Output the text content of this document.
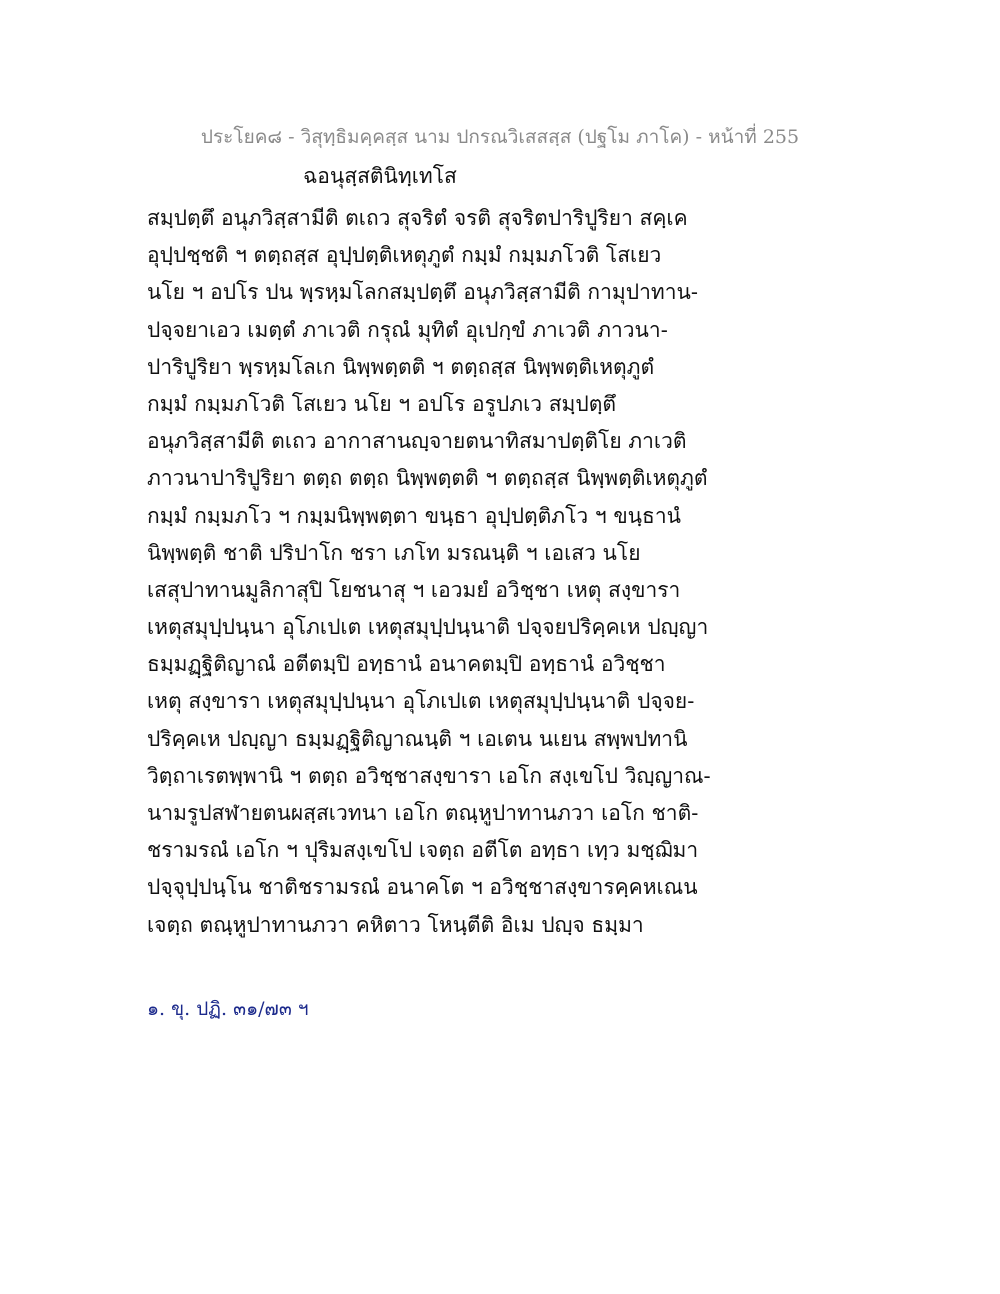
ประโยค๘ - วิสุทฺธิมคฺคสฺส นาม ปกรณวิเสสสฺส (ปฐโม ภาโค) - หน้าที่ 255
ฉอนุสฺสตินิทฺเทโส
สมฺปตฺตึ อนุภวิสฺสามีติ ตเถว สุจริตํ จรติ สุจริตปาริปูริยา สคฺเค
อุปฺปชฺชติ ฯ ตตฺถสฺส อุปฺปตฺติเหตุภูตํ กมฺมํ กมฺมภโวติ โสเยว
นโย ฯ อปโร ปน พฺรหฺมโลกสมฺปตฺตึ อนุภวิสฺสามีติ กามุปาทาน-
ปจฺจยาเอว เมตฺตํ ภาเวติ กรุณํ มุทิตํ อุเปกฺขํ ภาเวติ ภาวนา-
ปาริปูริยา พฺรหฺมโลเก นิพฺพตฺตติ ฯ ตตฺถสฺส นิพฺพตฺติเหตุภูตํ
กมฺมํ กมฺมภโวติ โสเยว นโย ฯ อปโร อรูปภเว สมฺปตฺตึ
อนุภวิสฺสามีติ ตเถว อากาสานญฺจายตนาทิสมาปตฺติโย ภาเวติ
ภาวนาปาริปูริยา ตตฺถ ตตฺถ นิพฺพตฺตติ ฯ ตตฺถสฺส นิพฺพตฺติเหตุภูตํ
กมฺมํ กมฺมภโว ฯ กมฺมนิพฺพตฺตา ขนฺธา อุปฺปตฺติภโว ฯ ขนฺธานํ
นิพฺพตฺติ ชาติ ปริปาโก ชรา เภโท มรณนฺติ ฯ เอเสว นโย
เสสุปาทานมูลิกาสุปิ โยชนาสุ ฯ เอวมยํ อวิชฺชา เหตุ สงฺขารา
เหตุสมุปฺปนฺนา อุโภเปเต เหตุสมุปฺปนฺนาติ ปจฺจยปริคฺคเห ปญฺญา
ธมฺมฏฺฐิติญาณํ อตีตมฺปิ อทฺธานํ อนาคตมฺปิ อทฺธานํ อวิชฺชา
เหตุ สงฺขารา เหตุสมุปฺปนฺนา อุโภเปเต เหตุสมุปฺปนฺนาติ ปจฺจย-
ปริคฺคเห ปญฺญา ธมฺมฏฺฐิติญาณนฺติ ฯ เอเตน นเยน สพฺพปทานิ
วิตฺถาเรตพฺพานิ ฯ ตตฺถ อวิชฺชาสงฺขารา เอโก สงฺเขโป วิญฺญาณ-
นามรูปสฬายตนผสฺสเวทนา เอโก ตณฺหูปาทานภวา เอโก ชาติ-
ชรามรณํ เอโก ฯ ปุริมสงฺเขโป เจตฺถ อตีโต อทฺธา เทฺว มชฺฌิมา
ปจฺจุปฺปนฺโน ชาติชรามรณํ อนาคโต ฯ อวิชฺชาสงฺขารคฺคหเณน
เจตฺถ ตณฺหูปาทานภวา คหิตาว โหนฺตีติ อิเม ปญฺจ ธมฺมา
๑. ขุ. ปฏิ. ๓๑/๗๓ ฯ
